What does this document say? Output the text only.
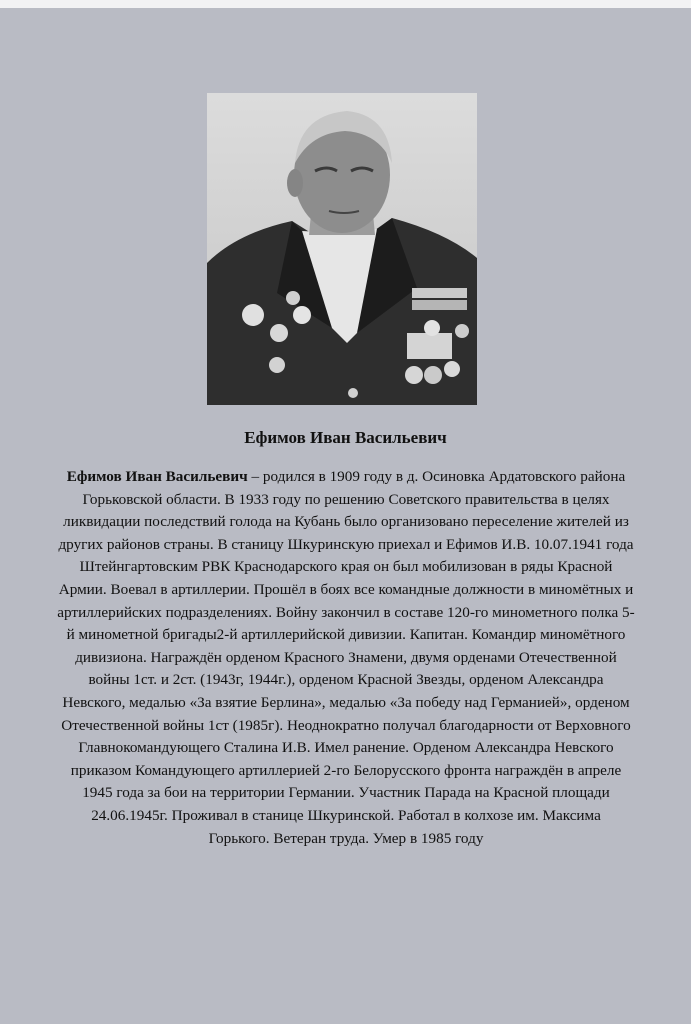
Ефимов Иван Васильевич

Ефимов Иван Васильевич – родился в 1909 году в д. Осиновка Ардатовского района
Горьковской области. В 1933 году по решению Советского правительства в целях
ликвидации последствий голода на Кубань было организовано переселение жителей из
других районов страны. В станицу Шкуринскую приехал и Ефимов И.В. 10.07.1941 года
Штейнгартовским РВК Краснодарского края он был мобилизован в ряды Красной
Армии. Воевал в артиллерии. Прошёл в боях все командные должности в минoмётных и
артиллерийских подразделениях. Войну закончил в составе 120-го минометного полка 5-
й минометной бригады2-й артиллерийской дивизии. Капитан. Командир миномётного
дивизиона. Награждён орденом Красного Знамени, двумя орденами Отечественной
войны 1ст. и 2ст. (1943г, 1944г.), орденом Красной Звезды, орденом Александра
Невского, медалью «За взятие Берлина», медалью «За победу над Германией», орденом
Отечественной войны 1ст (1985г). Неоднократно получал благодарности от Верховного
Главнокомандующего Сталина И.В. Имел ранение. Орденом Александра Невского
приказом Командующего артиллерией 2-го Белорусского фронта награждён в апреле
1945 года за бои на территории Германии. Участник Парада на Красной площади
24.06.1945г. Проживал в станице Шкуринской. Работал в колхозе им. Максима
Горького. Ветеран труда. Умер в 1985 году
